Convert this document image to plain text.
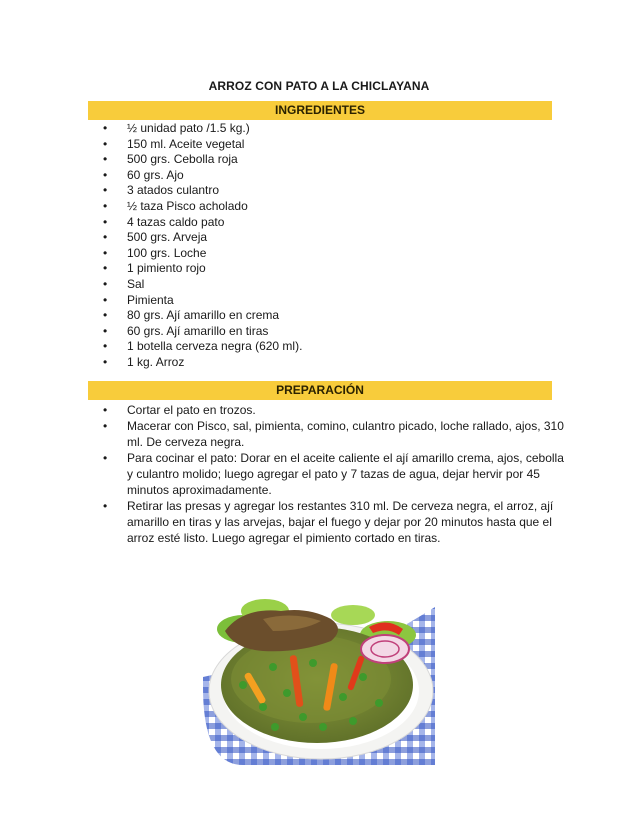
ARROZ CON PATO A LA CHICLAYANA
INGREDIENTES
• ½ unidad pato /1.5 kg.)
• 150 ml. Aceite vegetal
• 500 grs. Cebolla roja
• 60 grs. Ajo
• 3 atados culantro
• ½ taza Pisco acholado
• 4 tazas caldo pato
• 500 grs. Arveja
• 100 grs. Loche
• 1 pimiento rojo
• Sal
• Pimienta
• 80 grs. Ají amarillo en crema
• 60 grs. Ají amarillo en tiras
• 1 botella cerveza negra (620 ml).
• 1 kg. Arroz
PREPARACIÓN
• Cortar el pato en trozos.
• Macerar con Pisco, sal, pimienta, comino, culantro picado, loche rallado, ajos, 310 ml. De cerveza negra.
• Para cocinar el pato: Dorar en el aceite caliente el ají amarillo crema, ajos, cebolla y culantro molido; luego agregar el pato y 7 tazas de agua, dejar hervir por 45 minutos aproximadamente.
• Retirar las presas y agregar los restantes 310 ml. De cerveza negra, el arroz, ají amarillo en tiras y las arvejas, bajar el fuego y dejar por 20 minutos hasta que el arroz esté listo. Luego agregar el pimiento cortado en tiras.
